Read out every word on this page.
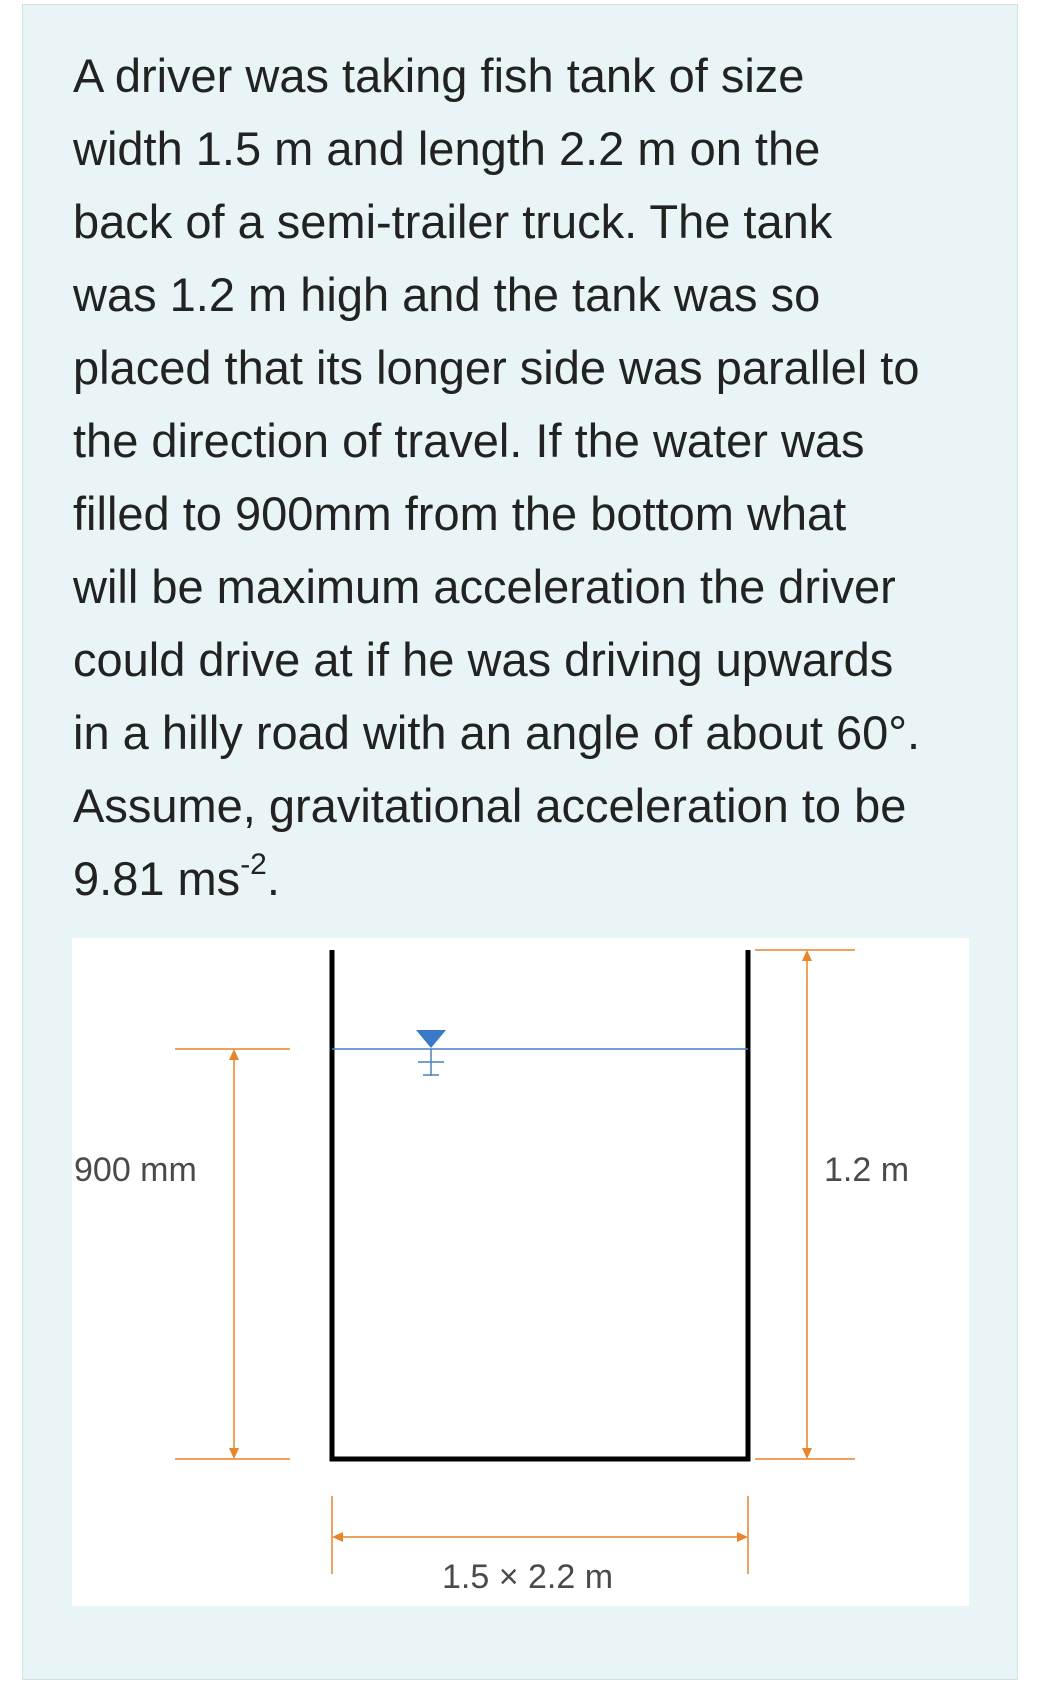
A driver was taking fish tank of size
width 1.5 m and length 2.2 m on the
back of a semi-trailer truck. The tank
was 1.2 m high and the tank was so
placed that its longer side was parallel to
the direction of travel. If the water was
filled to 900mm from the bottom what
will be maximum acceleration the driver
could drive at if he was driving upwards
in a hilly road with an angle of about 60°.
Assume, gravitational acceleration to be
9.81 $ms^{-2}$.

900 mm	1.2 m
1.5 × 2.2 m
